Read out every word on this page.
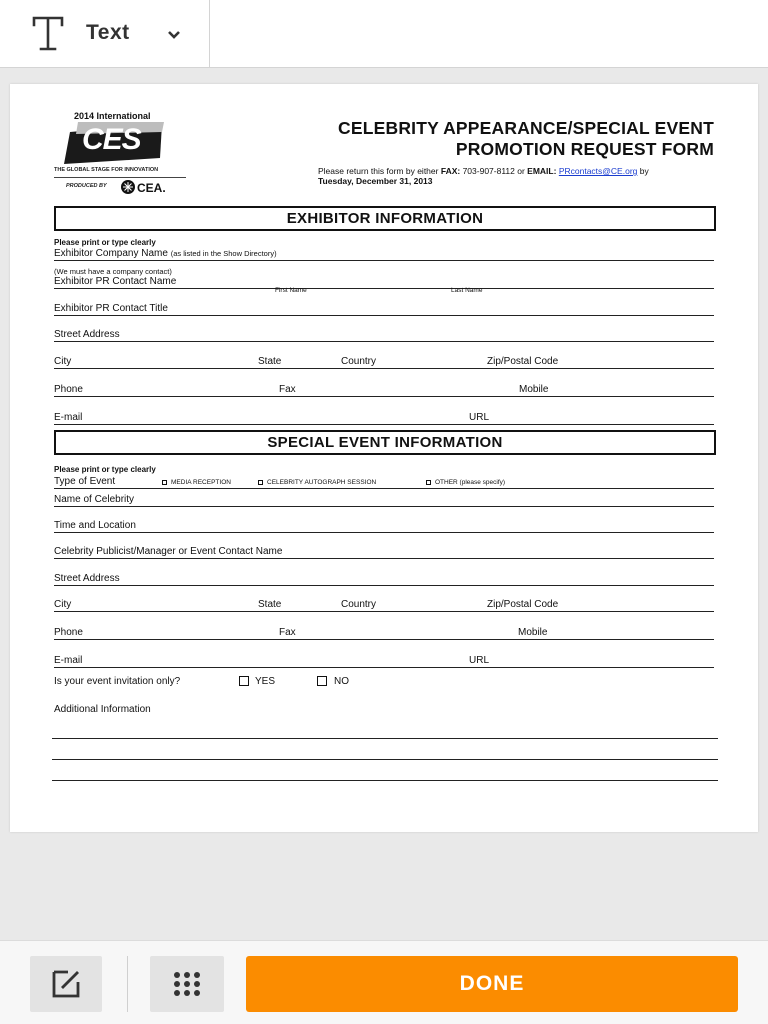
Text
2014 International
CES
THE GLOBAL STAGE FOR INNOVATION
PRODUCED BY	CEA.
CELEBRITY APPEARANCE/SPECIAL EVENT
PROMOTION REQUEST FORM
Please return this form by either FAX: 703-907-8112 or EMAIL: PRcontacts@CE.org by
Tuesday, December 31, 2013
EXHIBITOR INFORMATION
Please print or type clearly
Exhibitor Company Name (as listed in the Show Directory)
(We must have a company contact)
Exhibitor PR Contact Name
First Name	Last Name
Exhibitor PR Contact Title
Street Address
City	State	Country	Zip/Postal Code
Phone	Fax	Mobile
E-mail	URL
SPECIAL EVENT INFORMATION
Please print or type clearly
Type of Event	MEDIA RECEPTION	CELEBRITY AUTOGRAPH SESSION	OTHER (please specify)
Name of Celebrity
Time and Location
Celebrity Publicist/Manager or Event Contact Name
Street Address
City	State	Country	Zip/Postal Code
Phone	Fax	Mobile
E-mail	URL
Is your event invitation only?	YES	NO
Additional Information
DONE
